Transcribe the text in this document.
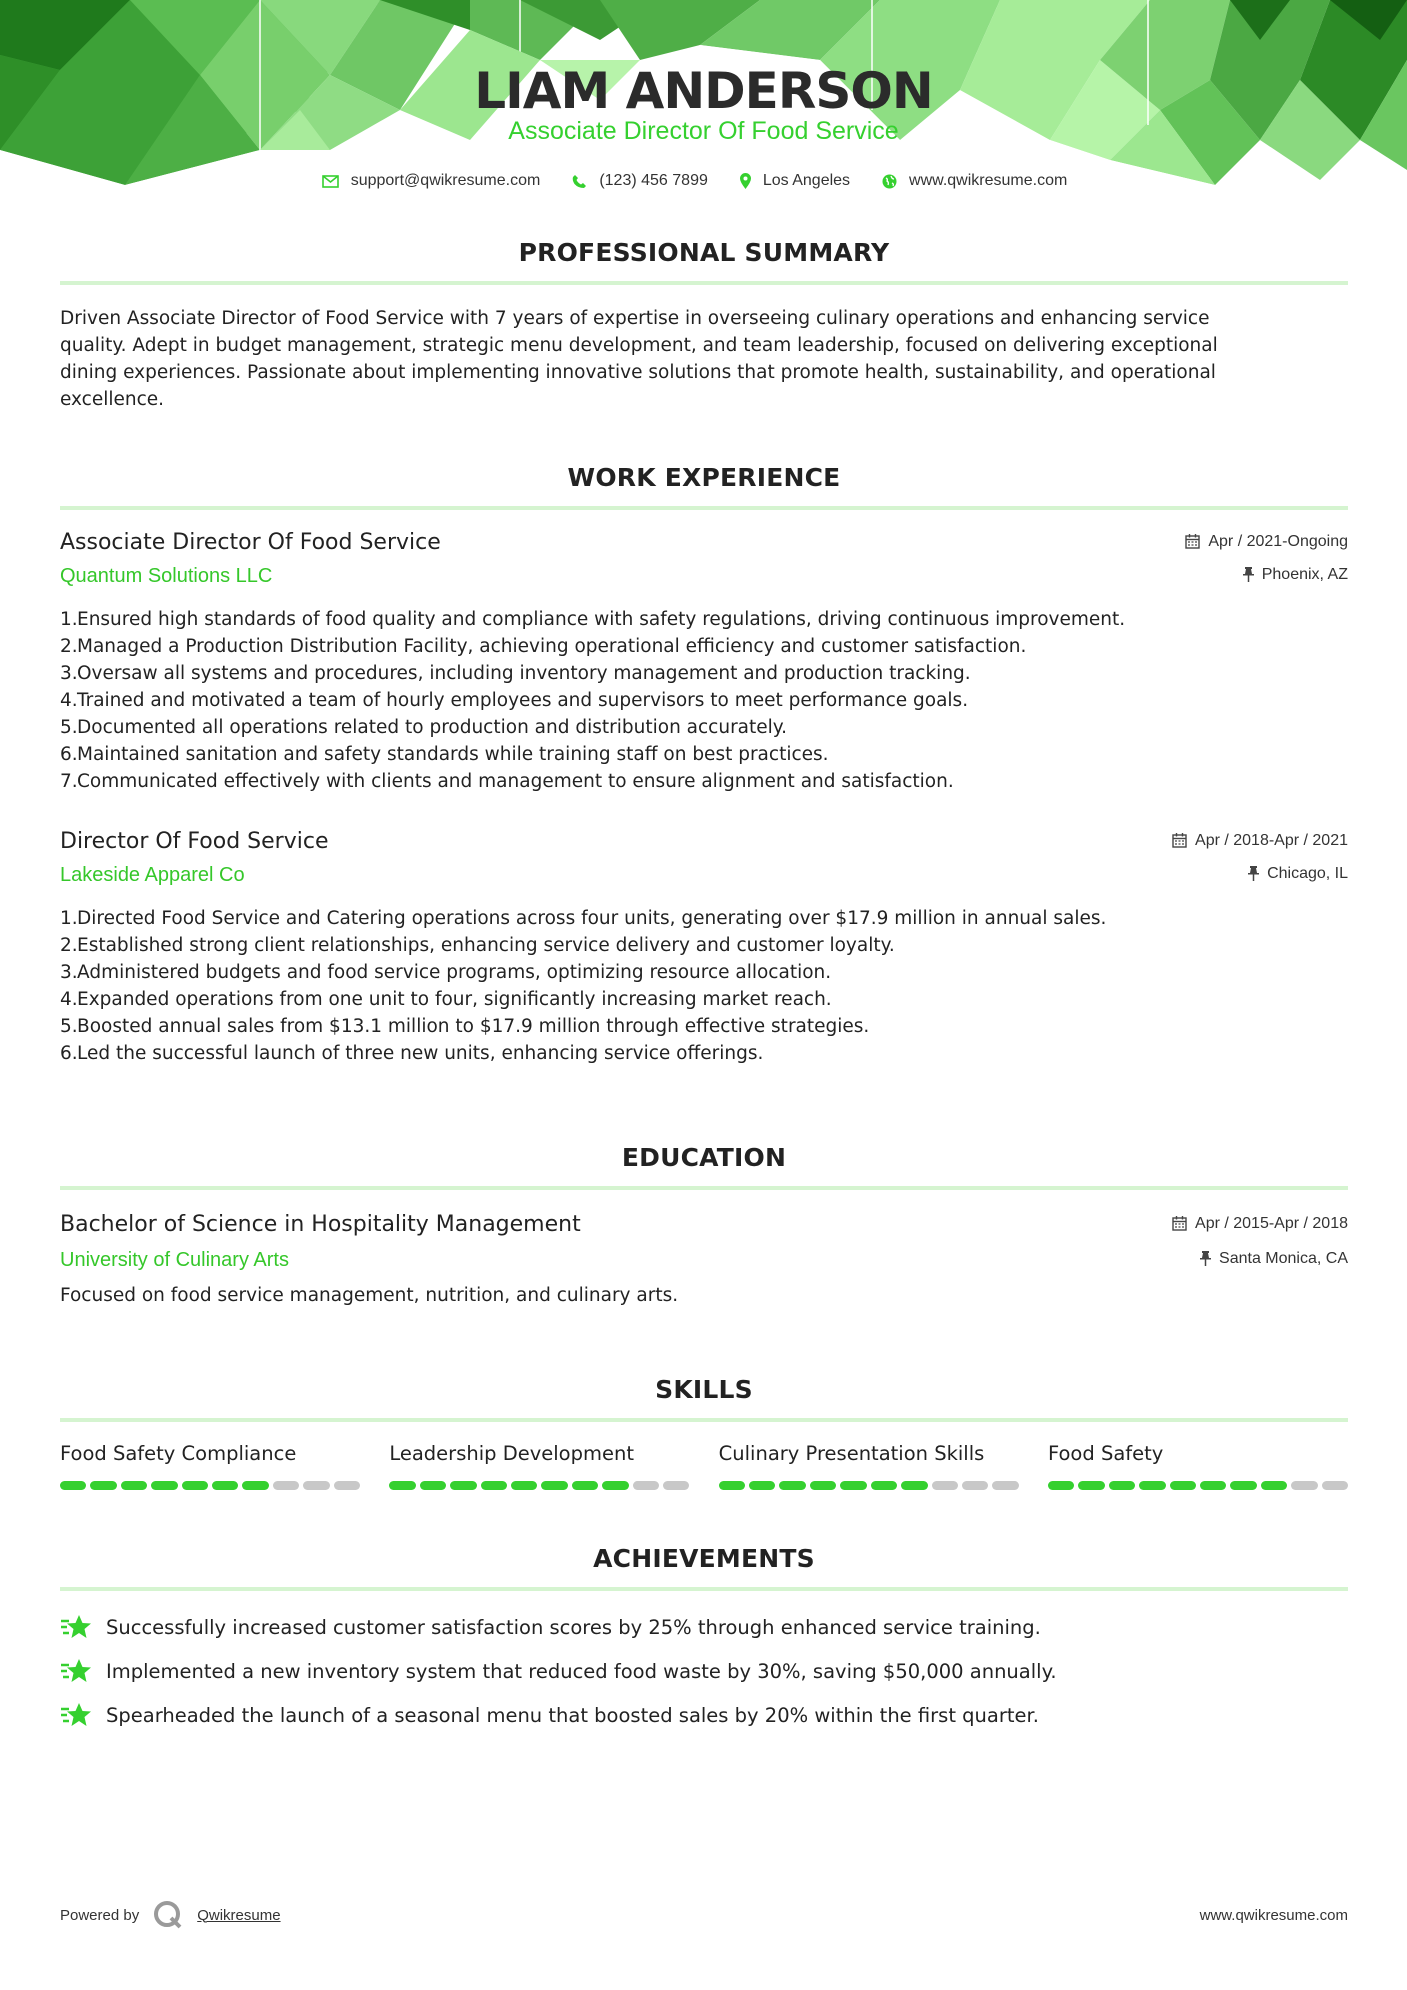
LIAM ANDERSON
Associate Director Of Food Service
support@qwikresume.com	(123) 456 7899	Los Angeles	www.qwikresume.com
PROFESSIONAL SUMMARY
Driven Associate Director of Food Service with 7 years of expertise in overseeing culinary operations and enhancing service
quality. Adept in budget management, strategic menu development, and team leadership, focused on delivering exceptional
dining experiences. Passionate about implementing innovative solutions that promote health, sustainability, and operational
excellence.
WORK EXPERIENCE
Associate Director Of Food Service	Apr / 2021-Ongoing
Quantum Solutions LLC	Phoenix, AZ
1. Ensured high standards of food quality and compliance with safety regulations, driving continuous improvement.
2. Managed a Production Distribution Facility, achieving operational efficiency and customer satisfaction.
3. Oversaw all systems and procedures, including inventory management and production tracking.
4. Trained and motivated a team of hourly employees and supervisors to meet performance goals.
5. Documented all operations related to production and distribution accurately.
6. Maintained sanitation and safety standards while training staff on best practices.
7. Communicated effectively with clients and management to ensure alignment and satisfaction.
Director Of Food Service	Apr / 2018-Apr / 2021
Lakeside Apparel Co	Chicago, IL
1. Directed Food Service and Catering operations across four units, generating over $17.9 million in annual sales.
2. Established strong client relationships, enhancing service delivery and customer loyalty.
3. Administered budgets and food service programs, optimizing resource allocation.
4. Expanded operations from one unit to four, significantly increasing market reach.
5. Boosted annual sales from $13.1 million to $17.9 million through effective strategies.
6. Led the successful launch of three new units, enhancing service offerings.
EDUCATION
Bachelor of Science in Hospitality Management	Apr / 2015-Apr / 2018
University of Culinary Arts	Santa Monica, CA
Focused on food service management, nutrition, and culinary arts.
SKILLS
Food Safety Compliance	Leadership Development	Culinary Presentation Skills	Food Safety
ACHIEVEMENTS
Successfully increased customer satisfaction scores by 25% through enhanced service training.
Implemented a new inventory system that reduced food waste by 30%, saving $50,000 annually.
Spearheaded the launch of a seasonal menu that boosted sales by 20% within the first quarter.
Powered by	Qwikresume	www.qwikresume.com
